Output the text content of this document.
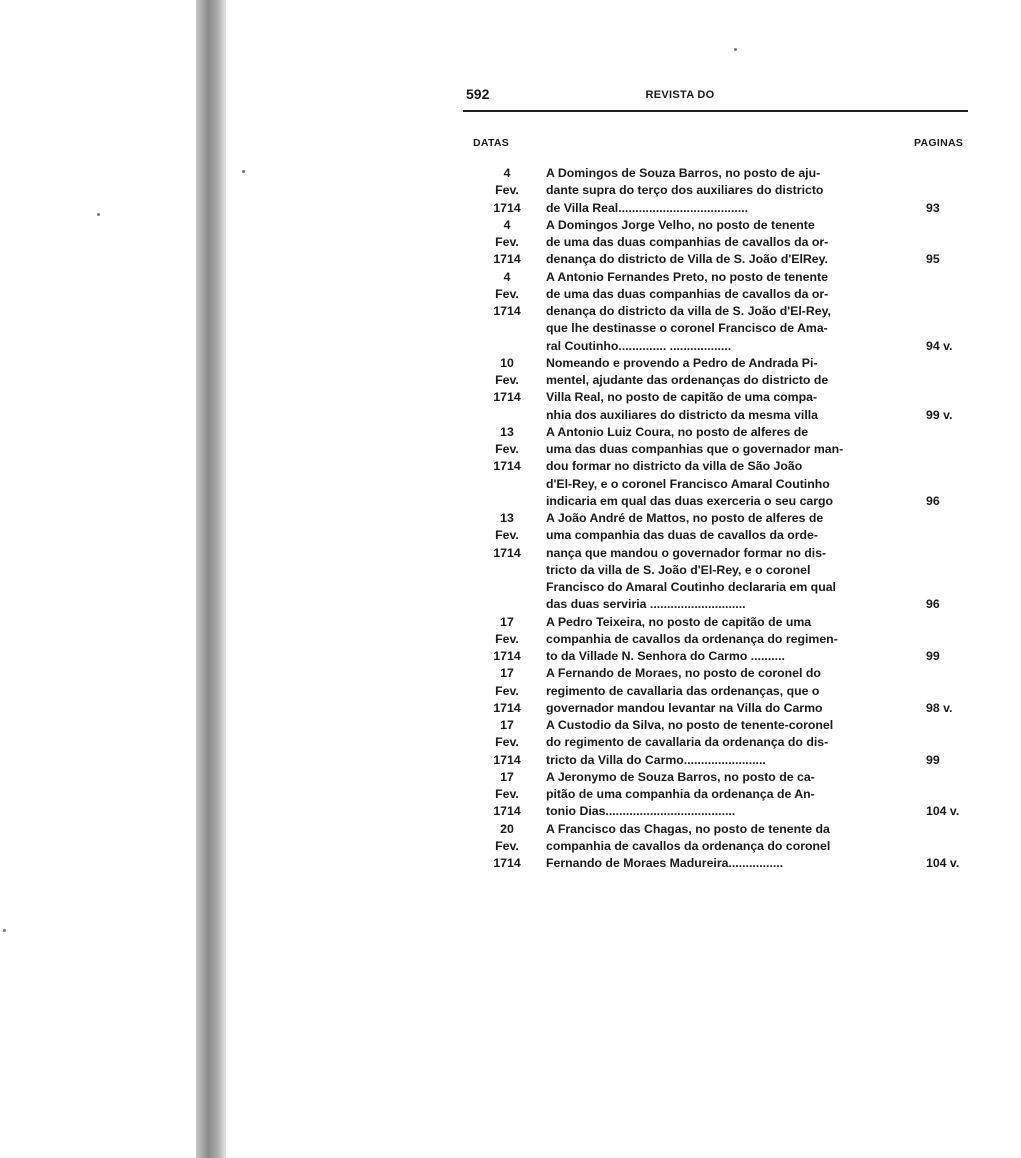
592	REVISTA DO
DATAS	PAGINAS
4
Fev.
1714
A Domingos de Souza Barros, no posto de aju-
dante supra do terço dos auxiliares do districto
de Villa Real......................................	93
4
Fev.
1714
A Domingos Jorge Velho, no posto de tenente
de uma das duas companhias de cavallos da or-
denança do districto de Villa de S. João d'ElRey.	95
4
Fev.
1714
A Antonio Fernandes Preto, no posto de tenente
de uma das duas companhias de cavallos da or-
denança do districto da villa de S. João d'El-Rey,
que lhe destinasse o coronel Francisco de Ama-
ral Coutinho.............. ..................	94 v.
10
Fev.
1714
Nomeando e provendo a Pedro de Andrada Pi-
mentel, ajudante das ordenanças do districto de
Villa Real, no posto de capitão de uma compa-
nhia dos auxiliares do districto da mesma villa	99 v.
13
Fev.
1714
A Antonio Luiz Coura, no posto de alferes de
uma das duas companhias que o governador man-
dou formar no districto da villa de São João
d'El-Rey, e o coronel Francisco Amaral Coutinho
indicaria em qual das duas exerceria o seu cargo	96
13
Fev.
1714
A João André de Mattos, no posto de alferes de
uma companhia das duas de cavallos da orde-
nança que mandou o governador formar no dis-
tricto da villa de S. João d'El-Rey, e o coronel
Francisco do Amaral Coutinho declararia em qual
das duas serviria ............................	96
17
Fev.
1714
A Pedro Teixeira, no posto de capitão de uma
companhia de cavallos da ordenança do regimen-
to da Villade N. Senhora do Carmo ..........	99
17
Fev.
1714
A Fernando de Moraes, no posto de coronel do
regimento de cavallaria das ordenanças, que o
governador mandou levantar na Villa do Carmo	98 v.
17
Fev.
1714
A Custodio da Silva, no posto de tenente-coronel
do regimento de cavallaria da ordenança do dis-
tricto da Villa do Carmo........................	99
17
Fev.
1714
A Jeronymo de Souza Barros, no posto de ca-
pitão de uma companhia da ordenança de An-
tonio Dias......................................	104 v.
20
Fev.
1714
A Francisco das Chagas, no posto de tenente da
companhia de cavallos da ordenança do coronel
Fernando de Moraes Madureira................	104 v.
